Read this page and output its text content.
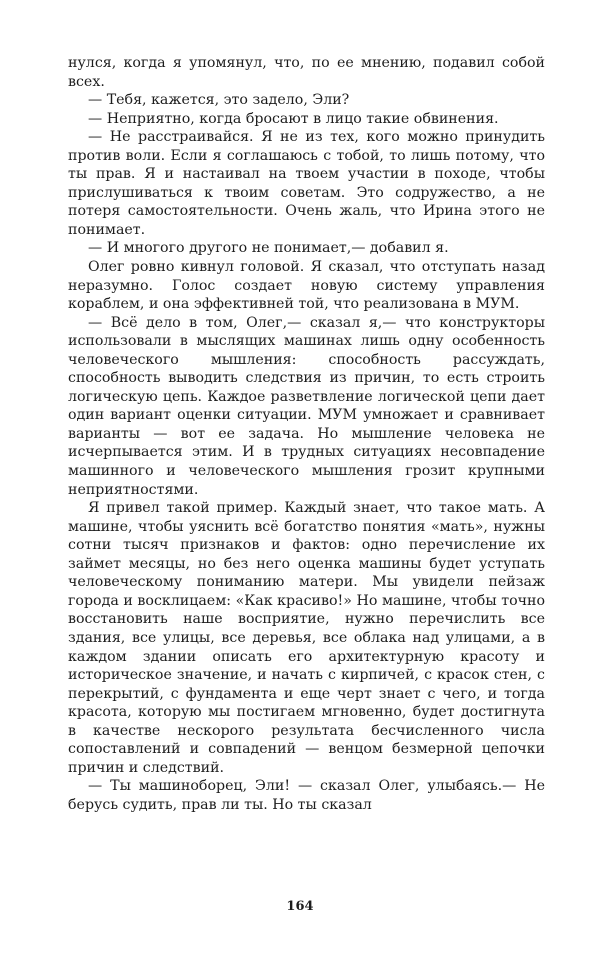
нулся, когда я упомянул, что, по ее мнению, подавил собой всех.

— Тебя, кажется, это задело, Эли?

— Неприятно, когда бросают в лицо такие обвинения.

— Не расстраивайся. Я не из тех, кого можно принудить против воли. Если я соглашаюсь с тобой, то лишь потому, что ты прав. Я и настаивал на твоем участии в походе, чтобы прислушиваться к твоим советам. Это содружество, а не потеря самостоятельности. Очень жаль, что Ирина этого не понимает.

— И многого другого не понимает,— добавил я.

Олег ровно кивнул головой. Я сказал, что отступать назад неразумно. Голос создает новую систему управления кораблем, и она эффективней той, что реализована в МУМ.

— Всё дело в том, Олег,— сказал я,— что конструкторы использовали в мыслящих машинах лишь одну особенность человеческого мышления: способность рассуждать, способность выводить следствия из причин, то есть строить логическую цепь. Каждое разветвление логической цепи дает один вариант оценки ситуации. МУМ умножает и сравнивает варианты — вот ее задача. Но мышление человека не исчерпывается этим. И в трудных ситуациях несовпадение машинного и человеческого мышления грозит крупными неприятностями.

Я привел такой пример. Каждый знает, что такое мать. А машине, чтобы уяснить всё богатство понятия «мать», нужны сотни тысяч признаков и фактов: одно перечисление их займет месяцы, но без него оценка машины будет уступать человеческому пониманию матери. Мы увидели пейзаж города и восклицаем: «Как красиво!» Но машине, чтобы точно восстановить наше восприятие, нужно перечислить все здания, все улицы, все деревья, все облака над улицами, а в каждом здании описать его архитектурную красоту и историческое значение, и начать с кирпичей, с красок стен, с перекрытий, с фундамента и еще черт знает с чего, и тогда красота, которую мы постигаем мгновенно, будет достигнута в качестве нескорого результата бесчисленного числа сопоставлений и совпадений — венцом безмерной цепочки причин и следствий.

— Ты машиноборец, Эли! — сказал Олег, улыбаясь.— Не берусь судить, прав ли ты. Но ты сказал

164
